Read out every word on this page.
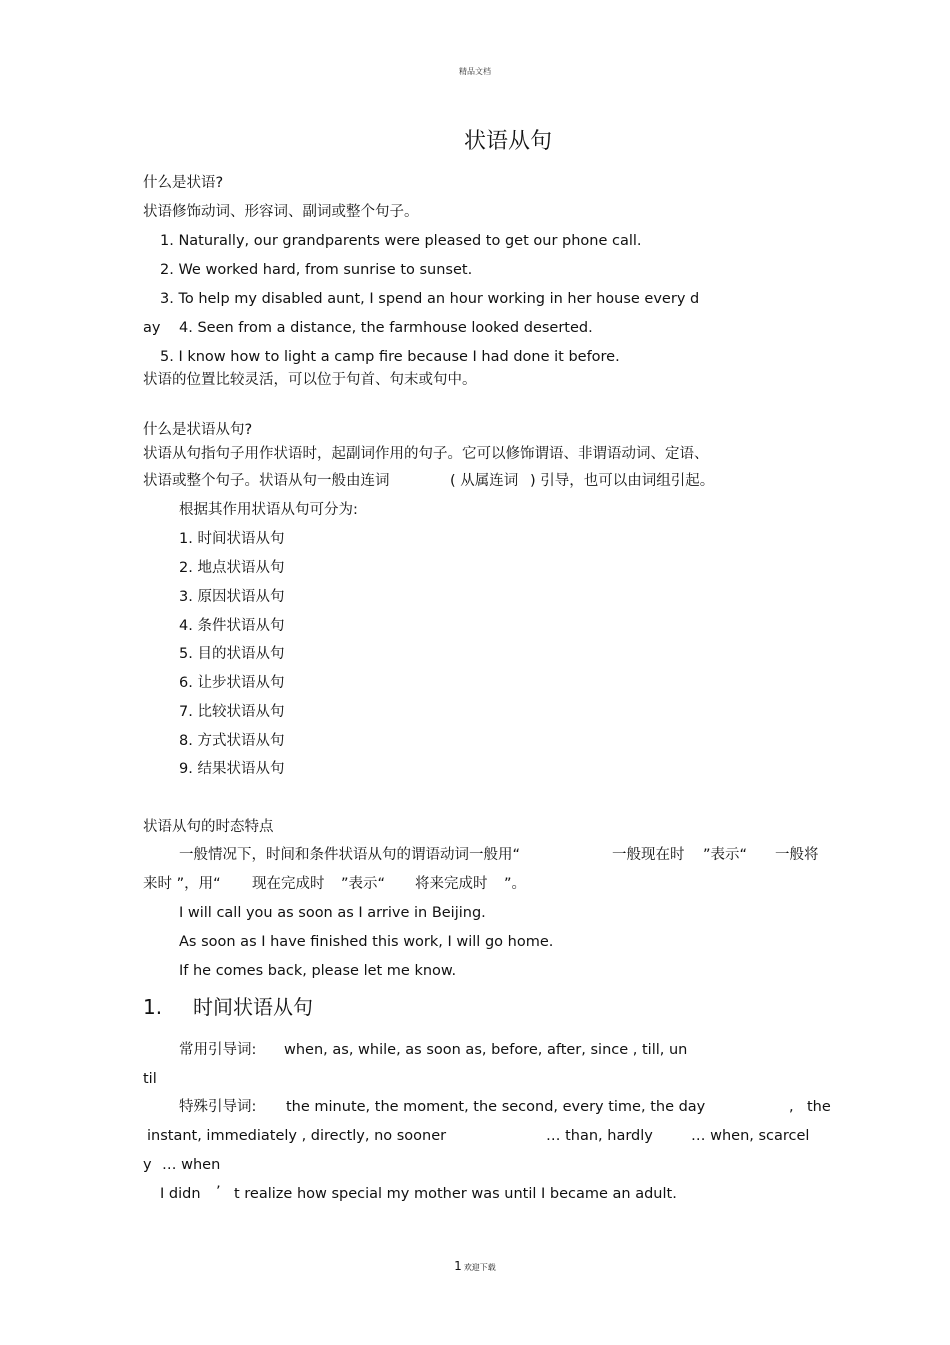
精品文档
状语从句
什么是状语?
状语修饰动词、形容词、副词或整个句子。
1. Naturally, our grandparents were pleased to get our phone call.
2. We worked hard, from sunrise to sunset.
3. To help my disabled aunt, I spend an hour working in her house every d
ay 4. Seen from a distance, the farmhouse looked deserted.
5. I know how to light a camp fire because I had done it before.
状语的位置比较灵活，可以位于句首、句末或句中。
什么是状语从句?
状语从句指句子用作状语时，起副词作用的句子。它可以修饰谓语、非谓语动词、定语、
状语或整个句子。状语从句一般由连词	( 从属连词 ) 引导，也可以由词组引起。
根据其作用状语从句可分为:
1. 时间状语从句
2. 地点状语从句
3. 原因状语从句
4. 条件状语从句
5. 目的状语从句
6. 让步状语从句
7. 比较状语从句
8. 方式状语从句
9. 结果状语从句
状语从句的时态特点
一般情况下，时间和条件状语从句的谓语动词一般用“	一般现在时 ”表示“ 一般将
来时 ”，用“ 现在完成时 ”表示“ 将来完成时 ”。
I will call you as soon as I arrive in Beijing.
As soon as I have finished this work, I will go home.
If he comes back, please let me know.
1. 时间状语从句
常用引导词: when, as, while, as soon as, before, after, since , till, un
til
特殊引导词: the minute, the moment, the second, every time, the day	, the
instant, immediately , directly, no sooner	… than, hardly	… when, scarcel
y … when
I didn ’ t realize how special my mother was until I became an adult.
1 欢迎下载
